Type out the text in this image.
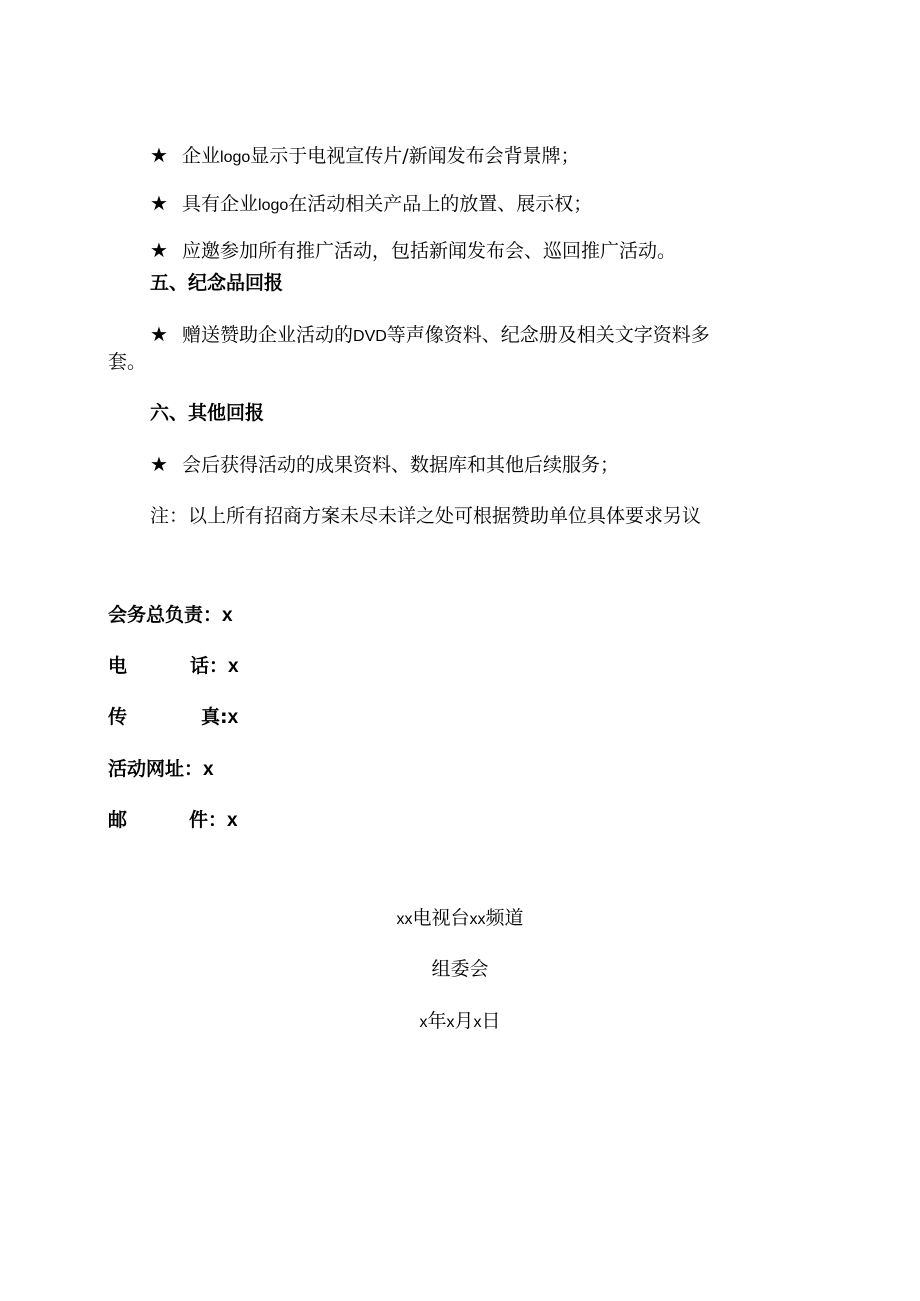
★ 企业logo显示于电视宣传片/新闻发布会背景牌；
★ 具有企业logo在活动相关产品上的放置、展示权；
★ 应邀参加所有推广活动，包括新闻发布会、巡回推广活动。
五、纪念品回报
★ 赠送赞助企业活动的DVD等声像资料、纪念册及相关文字资料多
套。
六、其他回报
★ 会后获得活动的成果资料、数据库和其他后续服务；
注：以上所有招商方案未尽未详之处可根据赞助单位具体要求另议
会务总负责：x
电	话：x
传	真:x
活动网址：x
邮	件：x
xx电视台xx频道
组委会
x年x月x日
